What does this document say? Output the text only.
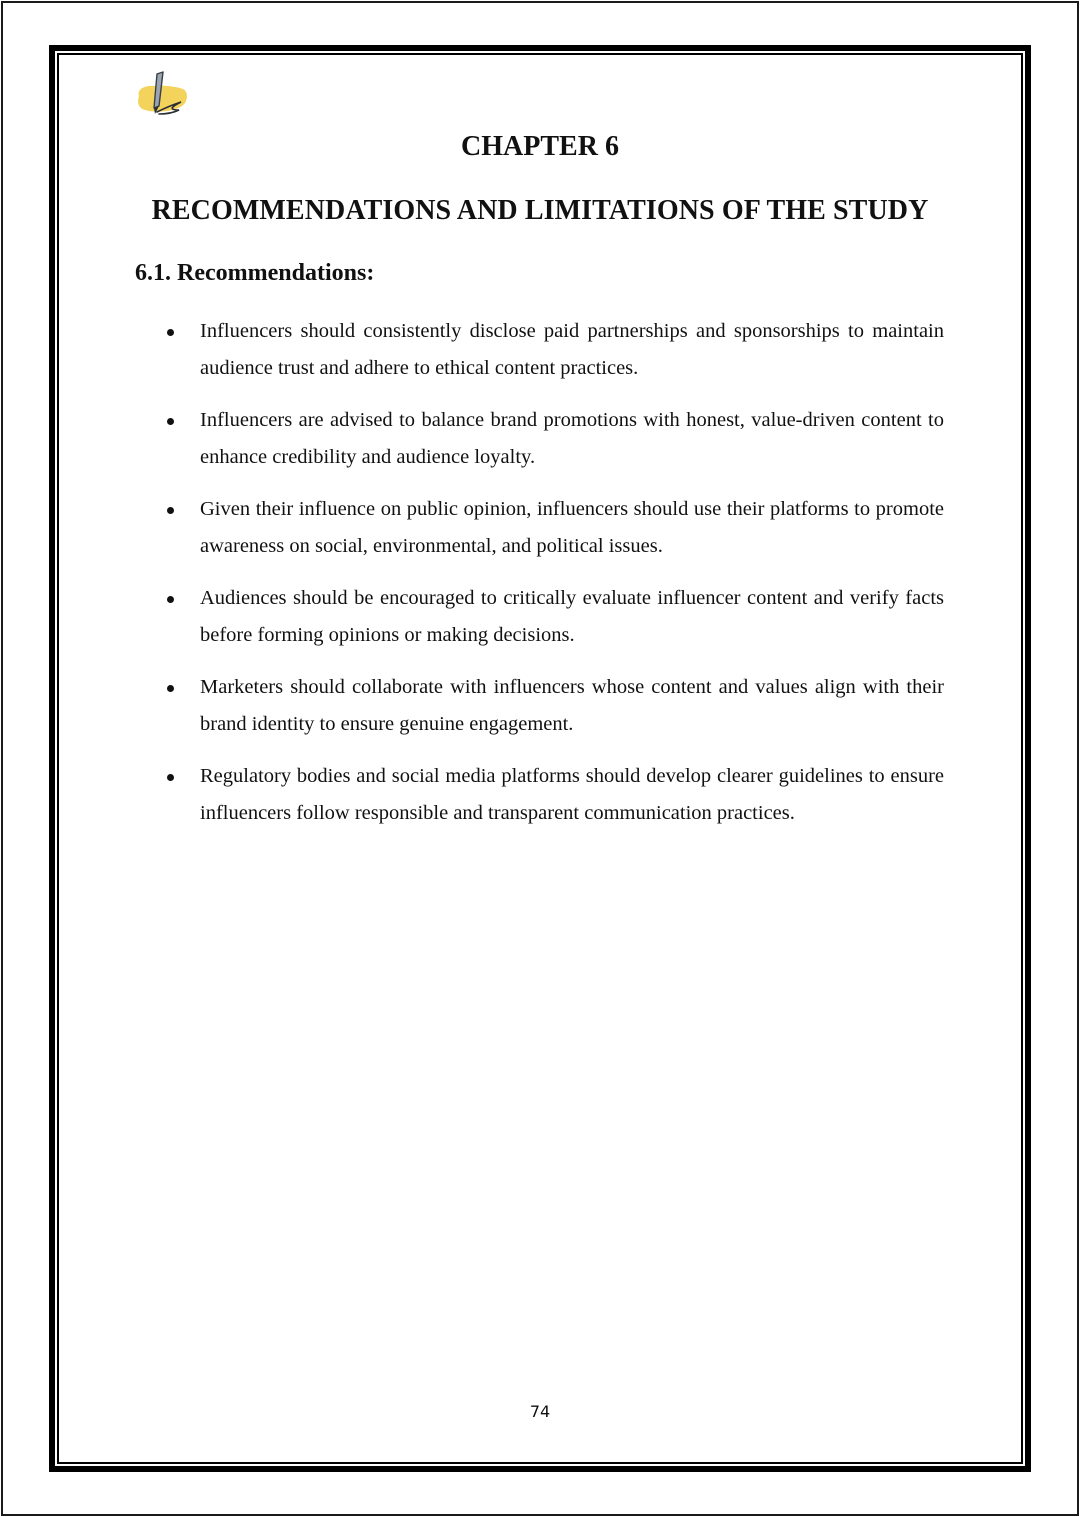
CHAPTER 6
RECOMMENDATIONS AND LIMITATIONS OF THE STUDY
6.1. Recommendations:

Influencers should consistently disclose paid partnerships and sponsorships to maintain audience trust and adhere to ethical content practices.

Influencers are advised to balance brand promotions with honest, value-driven content to enhance credibility and audience loyalty.

Given their influence on public opinion, influencers should use their platforms to promote awareness on social, environmental, and political issues.

Audiences should be encouraged to critically evaluate influencer content and verify facts before forming opinions or making decisions.

Marketers should collaborate with influencers whose content and values align with their brand identity to ensure genuine engagement.

Regulatory bodies and social media platforms should develop clearer guidelines to ensure influencers follow responsible and transparent communication practices.

74
